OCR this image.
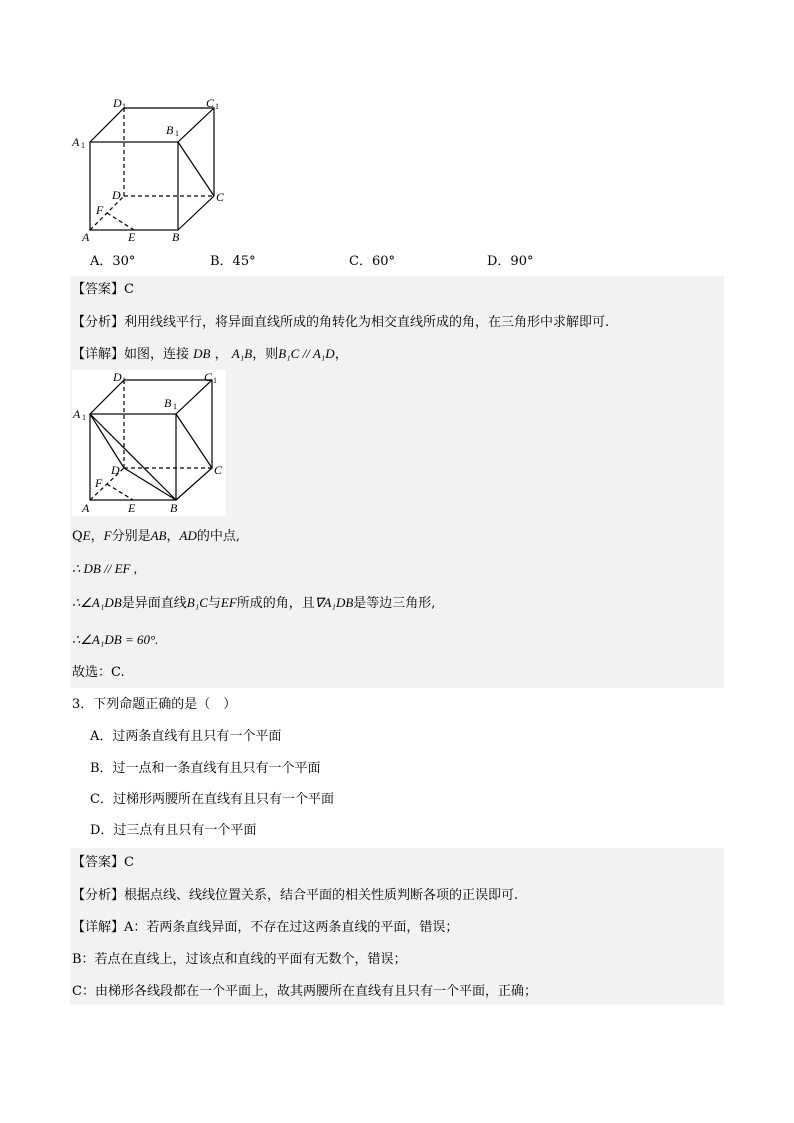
D 1	C 1
A 1
B 1
D	C
F
A	E	B
A．30°	B．45°	C．60°	D．90°
【答案】C
【分析】利用线线平行，将异面直线所成的角转化为相交直线所成的角，在三角形中求解即可.
【详解】如图，连接 DB ， A₁B，则B₁C // A₁D，
D 1	C 1
A 1
B 1
D	C
F
A	E	B
QE，F分别是AB，AD的中点,
∴ DB // EF ,
∴∠A₁DB是异面直线B₁C与EF所成的角，且∇A₁DB是等边三角形,
∴∠A₁DB = 60°.
故选：C.
3．下列命题正确的是（　）
A．过两条直线有且只有一个平面
B．过一点和一条直线有且只有一个平面
C．过梯形两腰所在直线有且只有一个平面
D．过三点有且只有一个平面
【答案】C
【分析】根据点线、线线位置关系，结合平面的相关性质判断各项的正误即可.
【详解】A：若两条直线异面，不存在过这两条直线的平面，错误；
B：若点在直线上，过该点和直线的平面有无数个，错误；
C：由梯形各线段都在一个平面上，故其两腰所在直线有且只有一个平面，正确；
